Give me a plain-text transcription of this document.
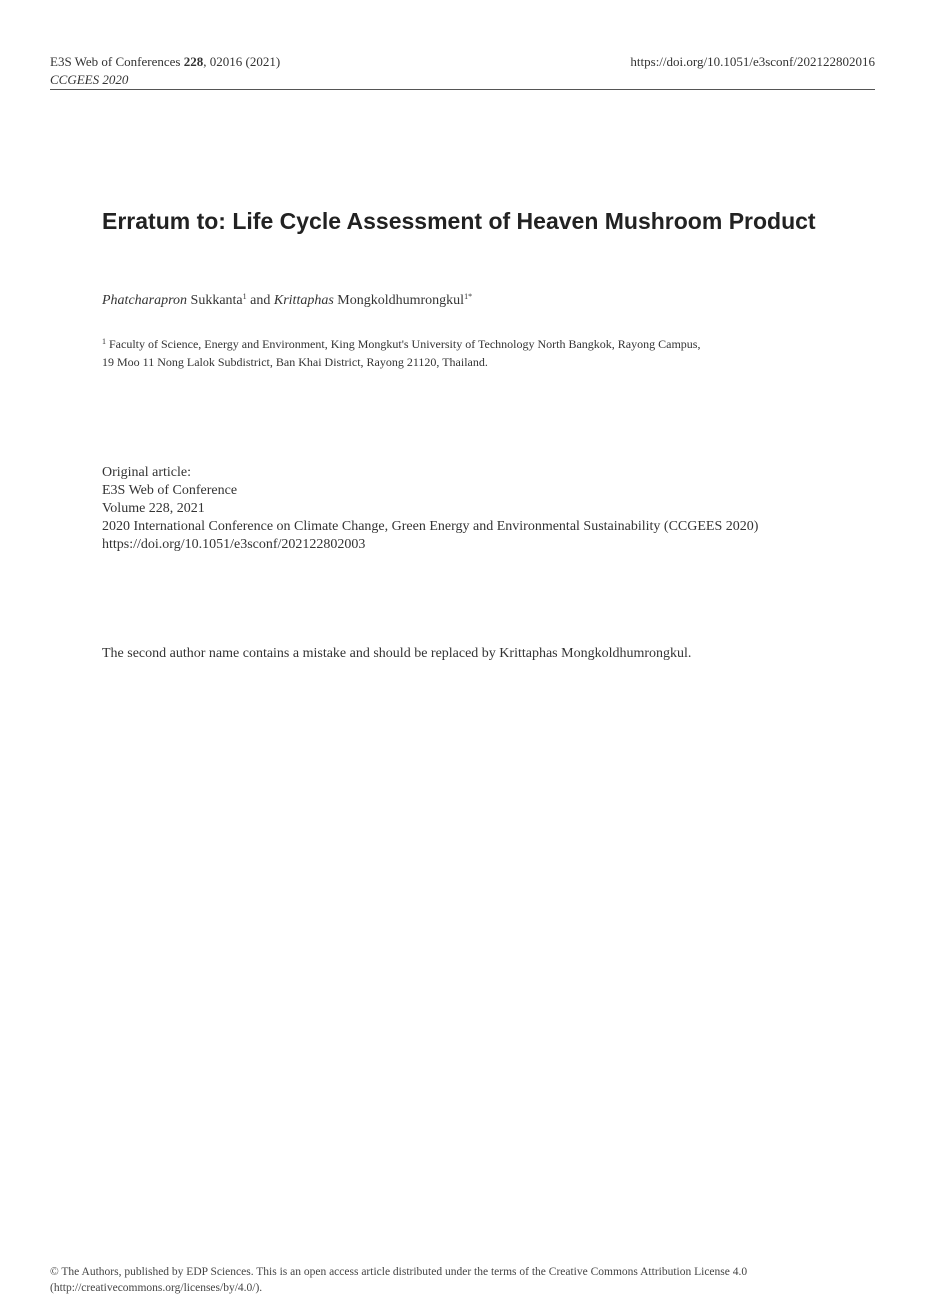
E3S Web of Conferences 228, 02016 (2021)
CCGEES 2020
https://doi.org/10.1051/e3sconf/202122802016
Erratum to: Life Cycle Assessment of Heaven Mushroom Product
Phatcharapron Sukkanta$^1$ and Krittaphas Mongkoldhumrongkul$^{1*}$
$^1$ Faculty of Science, Energy and Environment, King Mongkut's University of Technology North Bangkok, Rayong Campus,
19 Moo 11 Nong Lalok Subdistrict, Ban Khai District, Rayong 21120, Thailand.
Original article:
E3S Web of Conference
Volume 228, 2021
2020 International Conference on Climate Change, Green Energy and Environmental Sustainability (CCGEES 2020)
https://doi.org/10.1051/e3sconf/202122802003
The second author name contains a mistake and should be replaced by Krittaphas Mongkoldhumrongkul.
© The Authors, published by EDP Sciences. This is an open access article distributed under the terms of the Creative Commons Attribution License 4.0
(http://creativecommons.org/licenses/by/4.0/).
